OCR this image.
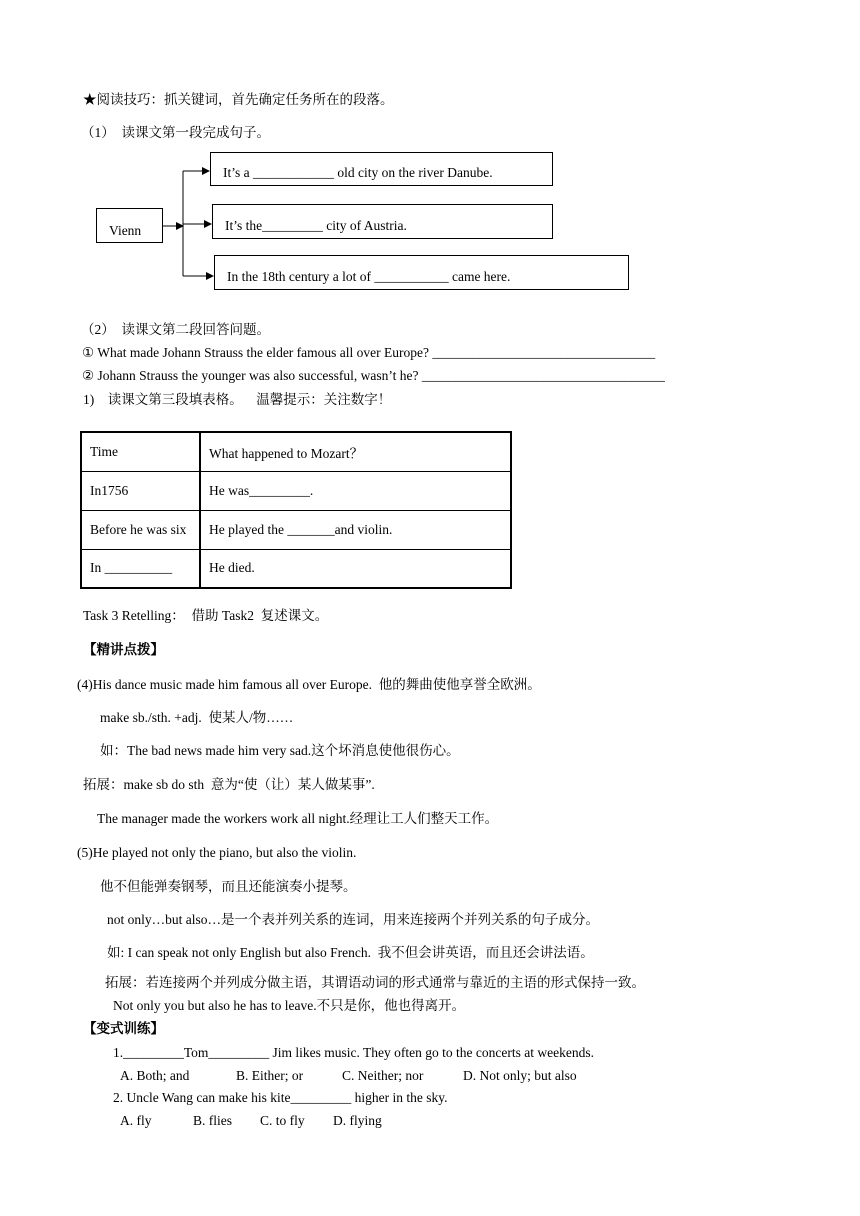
★阅读技巧：抓关键词，首先确定任务所在的段落。
（1）  读课文第一段完成句子。
Vienn
It’s a ____________ old city on the river Danube.
It’s the_________ city of Austria.
In the 18th century a lot of ___________ came here.
（2）  读课文第二段回答问题。
① What made Johann Strauss the elder famous all over Europe? _________________________________
② Johann Strauss the younger was also successful, wasn’t he? ____________________________________
1)    读课文第三段填表格。    温馨提示：关注数字！
Time	What happened to Mozart？
In1756	He was_________.
Before he was six	He played the _______and violin.
In __________	He died.
Task 3 Retelling：  借助 Task2  复述课文。
【精讲点拨】
(4)His dance music made him famous all over Europe.  他的舞曲使他享誉全欧洲。
make sb./sth. +adj.  使某人/物……
如：The bad news made him very sad.这个坏消息使他很伤心。
拓展：make sb do sth  意为“使（让）某人做某事”.
The manager made the workers work all night.经理让工人们整天工作。
(5)He played not only the piano, but also the violin.
他不但能弹奏钢琴，而且还能演奏小提琴。
not only…but also…是一个表并列关系的连词，用来连接两个并列关系的句子成分。
如: I can speak not only English but also French.  我不但会讲英语，而且还会讲法语。
拓展：若连接两个并列成分做主语，其谓语动词的形式通常与靠近的主语的形式保持一致。
Not only you but also he has to leave.不只是你，他也得离开。
【变式训练】
1._________Tom_________ Jim likes music. They often go to the concerts at weekends.
A. Both; and	B. Either; or	C. Neither; nor	D. Not only; but also
2. Uncle Wang can make his kite_________ higher in the sky.
A. fly	B. flies C. to fly D. flying
